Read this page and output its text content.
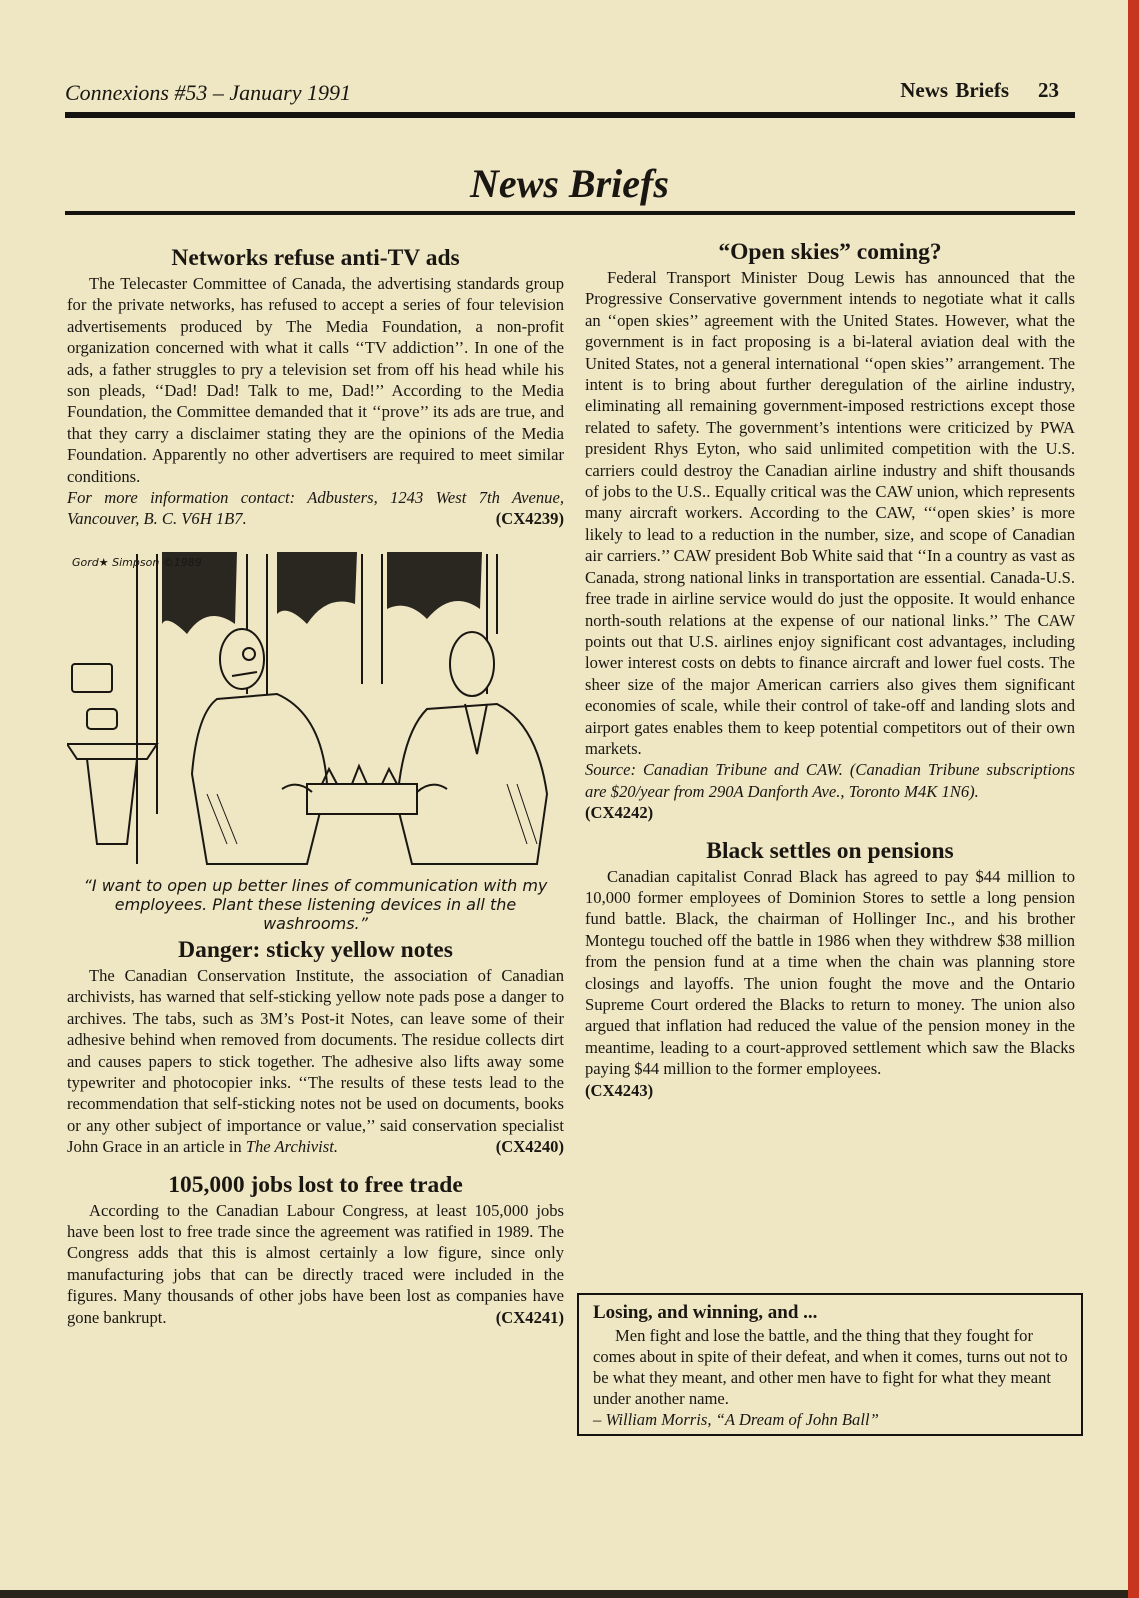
Connexions #53 – January 1991	News Briefs 23
News Briefs
Networks refuse anti-TV ads

The Telecaster Committee of Canada, the advertising standards group for the private networks, has refused to accept a series of four television advertisements produced by The Media Foundation, a non-profit organization concerned with what it calls ‘‘TV addiction’’. In one of the ads, a father struggles to pry a television set from off his head while his son pleads, ‘‘Dad! Dad! Talk to me, Dad!’’ According to the Media Foundation, the Committee demanded that it ‘‘prove’’ its ads are true, and that they carry a disclaimer stating they are the opinions of the Media Foundation. Apparently no other advertisers are required to meet similar conditions.

For more information contact: Adbusters, 1243 West 7th Avenue, Vancouver, B. C. V6H 1B7.	(CX4239)
Gord★ Simpson ©1989
“I want to open up better lines of communication with my employees. Plant these listening devices in all the washrooms.”
Danger: sticky yellow notes

The Canadian Conservation Institute, the association of Canadian archivists, has warned that self-sticking yellow note pads pose a danger to archives. The tabs, such as 3M’s Post-it Notes, can leave some of their adhesive behind when removed from documents. The residue collects dirt and causes papers to stick together. The adhesive also lifts away some typewriter and photocopier inks. ‘‘The results of these tests lead to the recommendation that self-sticking notes not be used on documents, books or any other subject of importance or value,’’ said conservation specialist John Grace in an article in The Archivist.	(CX4240)

105,000 jobs lost to free trade

According to the Canadian Labour Congress, at least 105,000 jobs have been lost to free trade since the agreement was ratified in 1989. The Congress adds that this is almost certainly a low figure, since only manufacturing jobs that can be directly traced were included in the figures. Many thousands of other jobs have been lost as companies have gone bankrupt.	(CX4241)

“Open skies” coming?

Federal Transport Minister Doug Lewis has announced that the Progressive Conservative government intends to negotiate what it calls an ‘‘open skies’’ agreement with the United States. However, what the government is in fact proposing is a bi-lateral aviation deal with the United States, not a general international ‘‘open skies’’ arrangement. The intent is to bring about further deregulation of the airline industry, eliminating all remaining government-imposed restrictions except those related to safety. The government’s intentions were criticized by PWA president Rhys Eyton, who said unlimited competition with the U.S. carriers could destroy the Canadian airline industry and shift thousands of jobs to the U.S.. Equally critical was the CAW union, which represents many aircraft workers. According to the CAW, ‘‘‘open skies’ is more likely to lead to a reduction in the number, size, and scope of Canadian air carriers.’’ CAW president Bob White said that ‘‘In a country as vast as Canada, strong national links in transportation are essential. Canada-U.S. free trade in airline service would do just the opposite. It would enhance north-south relations at the expense of our national links.’’ The CAW points out that U.S. airlines enjoy significant cost advantages, including lower interest costs on debts to finance aircraft and lower fuel costs. The sheer size of the major American carriers also gives them significant economies of scale, while their control of take-off and landing slots and airport gates enables them to keep potential competitors out of their own markets.

Source: Canadian Tribune and CAW. (Canadian Tribune subscriptions are $20/year from 290A Danforth Ave., Toronto M4K 1N6).
(CX4242)
Black settles on pensions

Canadian capitalist Conrad Black has agreed to pay $44 million to 10,000 former employees of Dominion Stores to settle a long pension fund battle. Black, the chairman of Hollinger Inc., and his brother Montegu touched off the battle in 1986 when they withdrew $38 million from the pension fund at a time when the chain was planning store closings and layoffs. The union fought the move and the Ontario Supreme Court ordered the Blacks to return to money. The union also argued that inflation had reduced the value of the pension money in the meantime, leading to a court-approved settlement which saw the Blacks paying $44 million to the former employees.

(CX4243)
Losing, and winning, and ...

Men fight and lose the battle, and the thing that they fought for comes about in spite of their defeat, and when it comes, turns out not to be what they meant, and other men have to fight for what they meant under another name.

– William Morris, “A Dream of John Ball”
